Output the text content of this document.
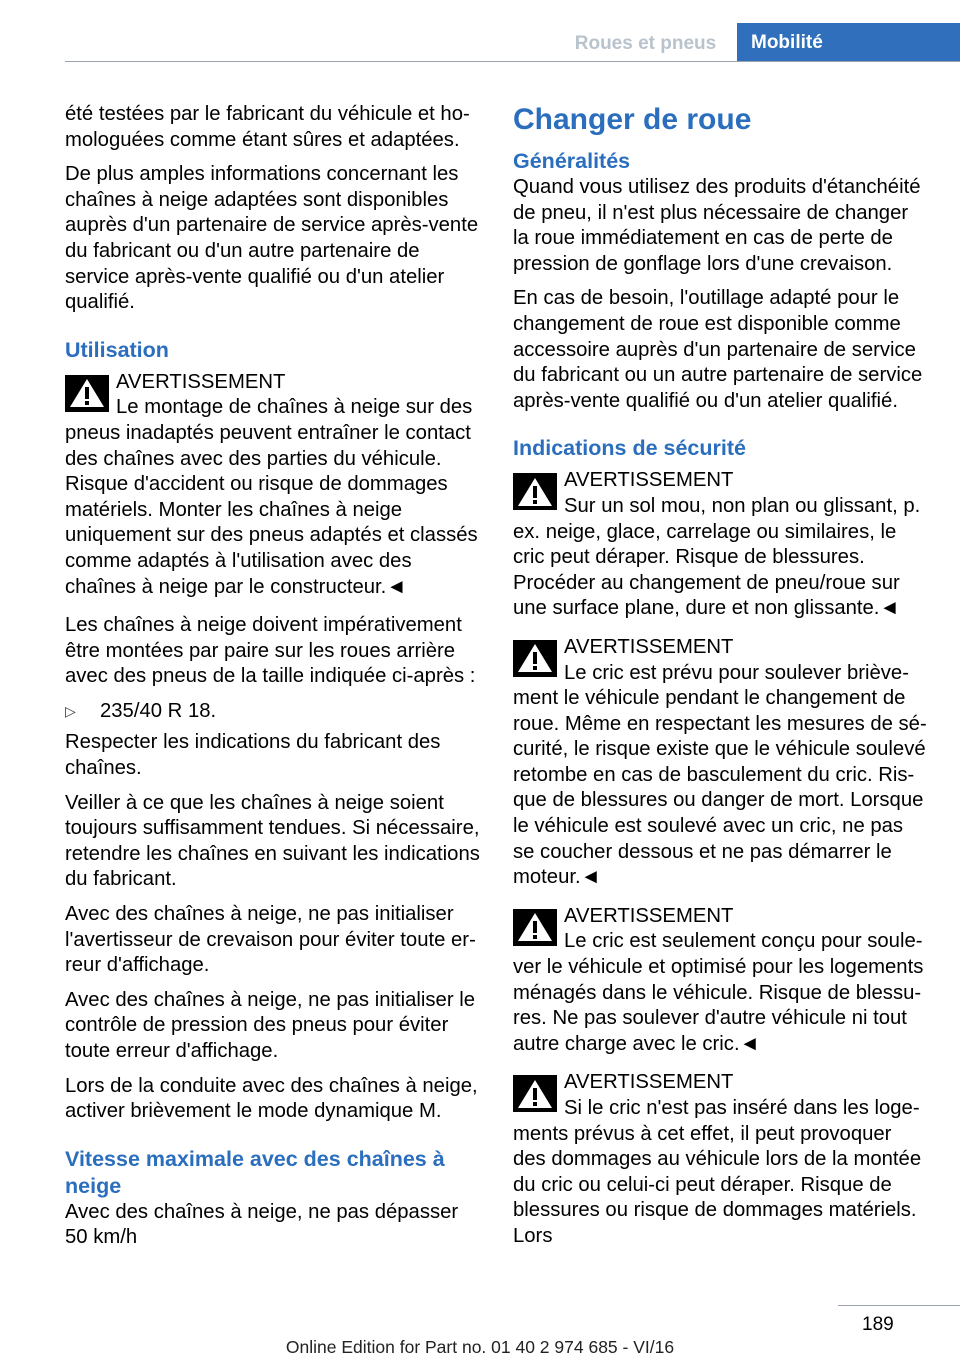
Roues et pneus	Mobilité

été testées par le fabricant du véhicule et homologuées comme étant sûres et adaptées.

De plus amples informations concernant les chaînes à neige adaptées sont disponibles auprès d'un partenaire de service après-vente du fabricant ou d'un autre partenaire de service après-vente qualifié ou d'un atelier qualifié.

Utilisation
AVERTISSEMENT
Le montage de chaînes à neige sur des pneus inadaptés peuvent entraîner le contact des chaînes avec des parties du véhicule. Risque d'accident ou risque de dommages matériels. Monter les chaînes à neige uniquement sur des pneus adaptés et classés comme adaptés à l'utilisation avec des chaînes à neige par le constructeur.◄

Les chaînes à neige doivent impérativement être montées par paire sur les roues arrière avec des pneus de la taille indiquée ci-après :

▷ 235/40 R 18.

Respecter les indications du fabricant des chaînes.

Veiller à ce que les chaînes à neige soient toujours suffisamment tendues. Si nécessaire, retendre les chaînes en suivant les indications du fabricant.

Avec des chaînes à neige, ne pas initialiser l'avertisseur de crevaison pour éviter toute erreur d'affichage.

Avec des chaînes à neige, ne pas initialiser le contrôle de pression des pneus pour éviter toute erreur d'affichage.

Lors de la conduite avec des chaînes à neige, activer brièvement le mode dynamique M.

Vitesse maximale avec des chaînes à neige

Avec des chaînes à neige, ne pas dépasser 50 km/h

Changer de roue
Généralités

Quand vous utilisez des produits d'étanchéité de pneu, il n'est plus nécessaire de changer la roue immédiatement en cas de perte de pression de gonflage lors d'une crevaison.

En cas de besoin, l'outillage adapté pour le changement de roue est disponible comme accessoire auprès d'un partenaire de service du fabricant ou un autre partenaire de service après-vente qualifié ou d'un atelier qualifié.

Indications de sécurité
AVERTISSEMENT
Sur un sol mou, non plan ou glissant, p. ex. neige, glace, carrelage ou similaires, le cric peut déraper. Risque de blessures. Procéder au changement de pneu/roue sur une surface plane, dure et non glissante.◄
AVERTISSEMENT
Le cric est prévu pour soulever brièvement le véhicule pendant le changement de roue. Même en respectant les mesures de sécurité, le risque existe que le véhicule soulevé retombe en cas de basculement du cric. Risque de blessures ou danger de mort. Lorsque le véhicule est soulevé avec un cric, ne pas se coucher dessous et ne pas démarrer le moteur.◄
AVERTISSEMENT
Le cric est seulement conçu pour soulever le véhicule et optimisé pour les logements ménagés dans le véhicule. Risque de blessures. Ne pas soulever d'autre véhicule ni tout autre charge avec le cric.◄
AVERTISSEMENT
Si le cric n'est pas inséré dans les logements prévus à cet effet, il peut provoquer des dommages au véhicule lors de la montée du cric ou celui-ci peut déraper. Risque de blessures ou risque de dommages matériels. Lors
189
Online Edition for Part no. 01 40 2 974 685 - VI/16
